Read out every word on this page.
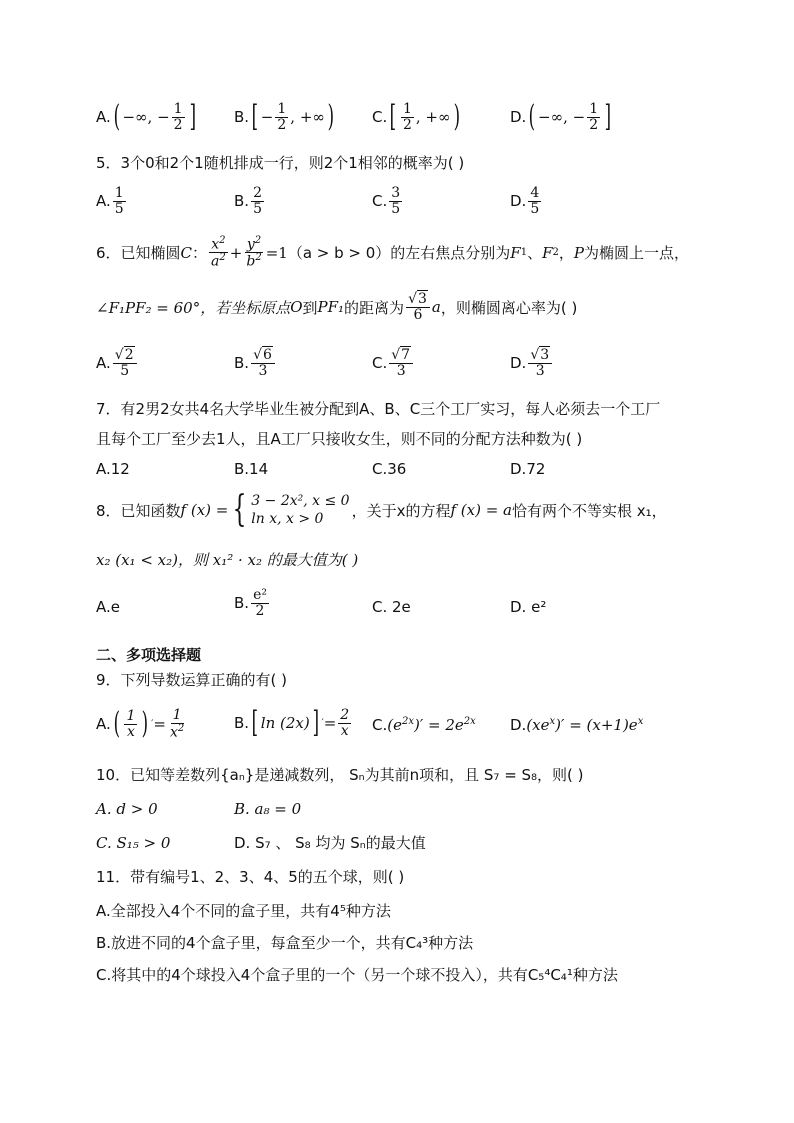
A. ( −∞, − $\frac{1}{2}$ ]	B. [ − $\frac{1}{2}$ , +∞ )	C. [ $\frac{1}{2}$ , +∞ )	D. ( −∞, − $\frac{1}{2}$ ]
5．3个0和2个1随机排成一行，则2个1相邻的概率为( )
A. $\frac{1}{5}$	B. $\frac{2}{5}$	C. $\frac{3}{5}$	D. $\frac{4}{5}$
6．已知椭圆 C ： $\frac{x^2}{a^2} + \frac{y^2}{b^2} =1$ （a > b > 0）的左右焦点分别为 F 1 、 F 2 ， P 为椭圆上一点，
∠F₁PF₂ = 60°，若坐标原点 O 到 PF₁ 的距离为 $\frac{√3}{6}$ a ，则椭圆离心率为( )
A. $\frac{√2}{5}$	B. $\frac{√6}{3}$	C. $\frac{√7}{3}$	D. $\frac{√3}{3}$
7．有2男2女共4名大学毕业生被分配到A、B、C三个工厂实习，每人必须去一个工厂
且每个工厂至少去1人，且A工厂只接收女生，则不同的分配方法种数为( )
A.12	B.14	C.36	D.72
8．已知函数 f (x) = { 3 − 2x², x ≤ 0
ln x, x > 0	，关于x的方程 f (x) = a 恰有两个不等实根 x₁，
x₂ (x₁ < x₂)，则 x₁² · x₂ 的最大值为( )
A.e	B. $\frac{\text{e²}}{2}$	C. 2e	D. e²
二、多项选择题
9．下列导数运算正确的有( )
A. ( $\frac{1}{x}$ ) ′ = $\frac{1}{x^2}$	B. [ ln (2x) ] ′ = $\frac{2}{x} C$. $(e^{2x})' = 2e^{2x}$ D. $(xe^x)' = (x+1)e^x$
10．已知等差数列{aₙ}是递减数列， Sₙ为其前n项和，且 S₇ = S₈，则( )
A. d > 0	B. a₈ = 0
C. S₁₅ > 0	D. S₇ 、 S₈ 均为 Sₙ的最大值
11．带有编号1、2、3、4、5的五个球，则( )
A.全部投入4个不同的盒子里，共有4⁵种方法
B.放进不同的4个盒子里，每盒至少一个，共有C₄³种方法
C.将其中的4个球投入4个盒子里的一个（另一个球不投入），共有C₅⁴C₄¹种方法
